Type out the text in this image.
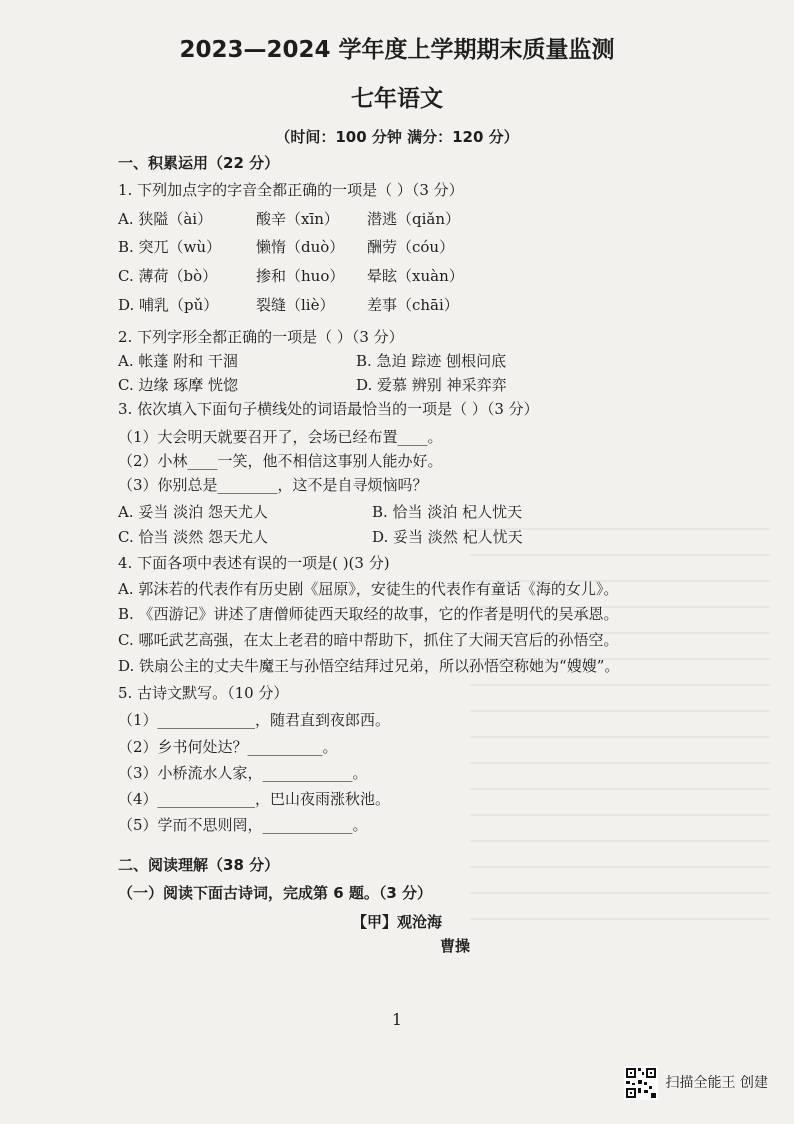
2023—2024 学年度上学期期末质量监测
七年语文
（时间：100 分钟 满分：120 分）
一、积累运用（22 分）
1. 下列加点字的字音全都正确的一项是（ ）（3 分）
A. 狭隘（ài）	酸辛（xīn） 潜逃（qiǎn）
B. 突兀（wù） 懒惰（duò） 酬劳（cóu）
C. 薄荷（bò）	掺和（huo） 晕眩（xuàn）
D. 哺乳（pǔ）	裂缝（liè） 差事（chāi）
2. 下列字形全都正确的一项是（ ）（3 分）
A. 帐蓬 附和 干涸	B. 急迫 踪迹 刨根问底
C. 边缘 琢摩 恍惚	D. 爱慕 辨别 神采弈弈
3. 依次填入下面句子横线处的词语最恰当的一项是（ ）（3 分）
（1）大会明天就要召开了，会场已经布置____。
（2）小林____一笑，他不相信这事别人能办好。
（3）你别总是________，这不是自寻烦恼吗？
A. 妥当 淡泊 怨天尤人	B. 恰当 淡泊 杞人忧天
C. 恰当 淡然 怨天尤人	D. 妥当 淡然 杞人忧天
4. 下面各项中表述有误的一项是( )(3 分)
A. 郭沫若的代表作有历史剧《屈原》，安徒生的代表作有童话《海的女儿》。
B. 《西游记》讲述了唐僧师徒西天取经的故事，它的作者是明代的吴承恩。
C. 哪吒武艺高强，在太上老君的暗中帮助下，抓住了大闹天宫后的孙悟空。
D. 铁扇公主的丈夫牛魔王与孙悟空结拜过兄弟，所以孙悟空称她为“嫂嫂”。
5. 古诗文默写。（10 分）
（1）_____________，随君直到夜郎西。
（2）乡书何处达？__________。
（3）小桥流水人家，____________。
（4）_____________，巴山夜雨涨秋池。
（5）学而不思则罔，____________。
二、阅读理解（38 分）
（一）阅读下面古诗词，完成第 6 题。（3 分）
【甲】观沧海
曹操
1
扫描全能王 创建
